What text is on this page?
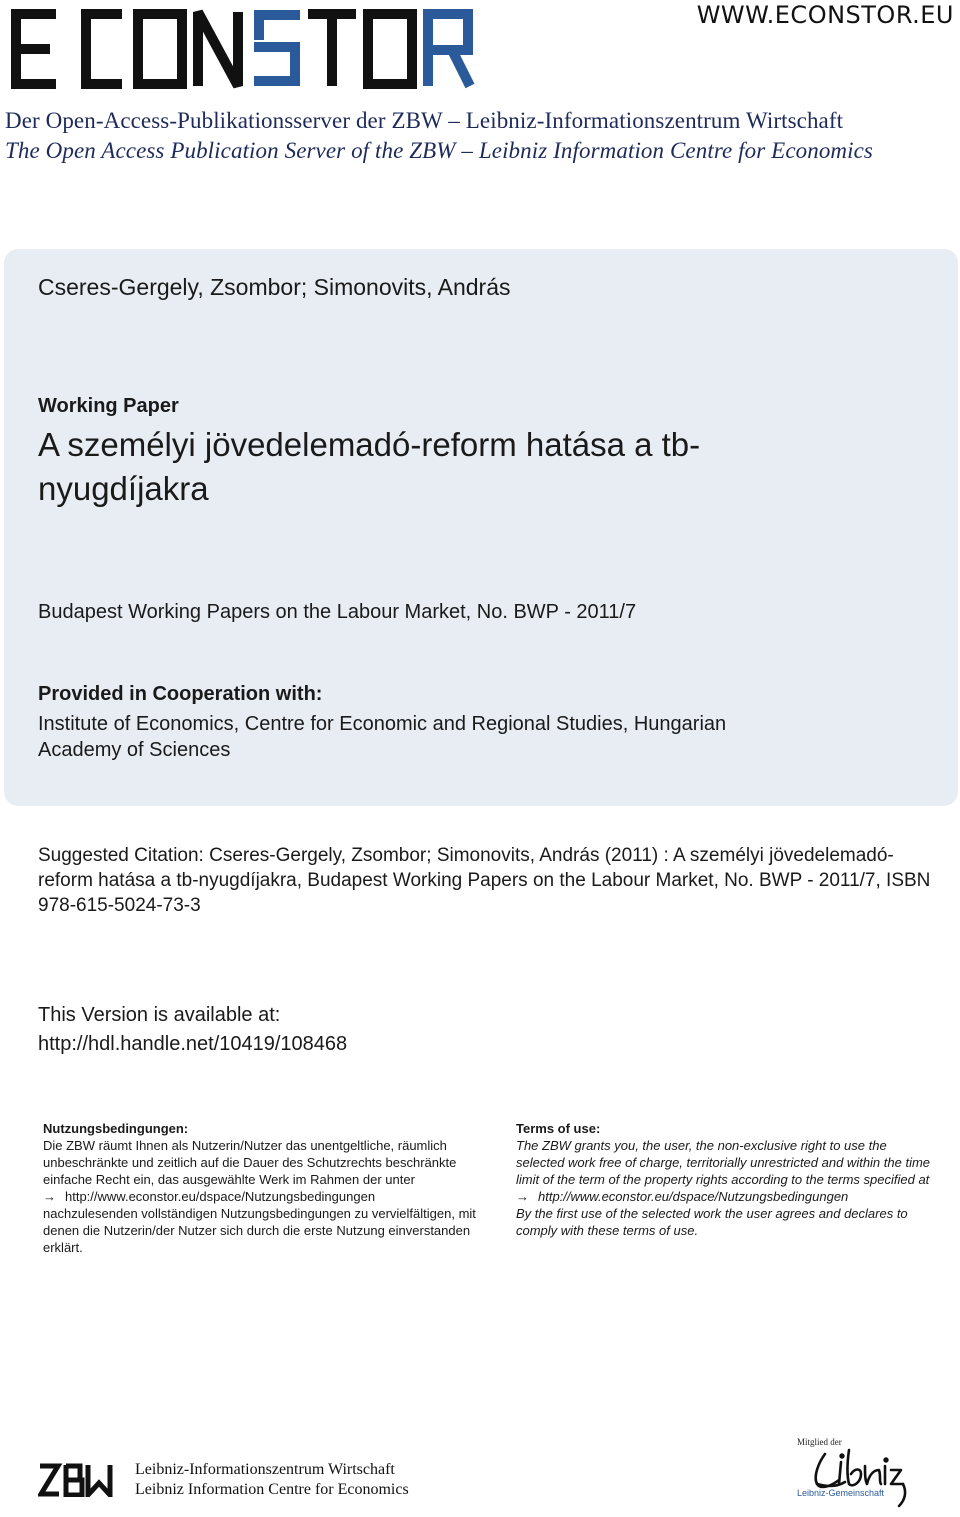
WWW.ECONSTOR.EU
Der Open-Access-Publikationsserver der ZBW – Leibniz-Informationszentrum Wirtschaft
The Open Access Publication Server of the ZBW – Leibniz Information Centre for Economics
Cseres-Gergely, Zsombor; Simonovits, András
Working Paper
A személyi jövedelemadó-reform hatása a tb-nyugdíjakra
Budapest Working Papers on the Labour Market, No. BWP - 2011/7
Provided in Cooperation with:
Institute of Economics, Centre for Economic and Regional Studies, Hungarian Academy of Sciences
Suggested Citation: Cseres-Gergely, Zsombor; Simonovits, András (2011) : A személyi jövedelemadó-reform hatása a tb-nyugdíjakra, Budapest Working Papers on the Labour Market, No. BWP - 2011/7, ISBN 978-615-5024-73-3
This Version is available at:
http://hdl.handle.net/10419/108468
Nutzungsbedingungen:
Die ZBW räumt Ihnen als Nutzerin/Nutzer das unentgeltliche, räumlich unbeschränkte und zeitlich auf die Dauer des Schutzrechts beschränkte einfache Recht ein, das ausgewählte Werk im Rahmen der unter
→ http://www.econstor.eu/dspace/Nutzungsbedingungen
nachzulesenden vollständigen Nutzungsbedingungen zu vervielfältigen, mit denen die Nutzerin/der Nutzer sich durch die erste Nutzung einverstanden erklärt.
Terms of use:
The ZBW grants you, the user, the non-exclusive right to use the selected work free of charge, territorially unrestricted and within the time limit of the term of the property rights according to the terms specified at
→ http://www.econstor.eu/dspace/Nutzungsbedingungen
By the first use of the selected work the user agrees and declares to comply with these terms of use.
Leibniz-Informationszentrum Wirtschaft
Leibniz Information Centre for Economics
Mitglied der
Leibniz-Gemeinschaft
